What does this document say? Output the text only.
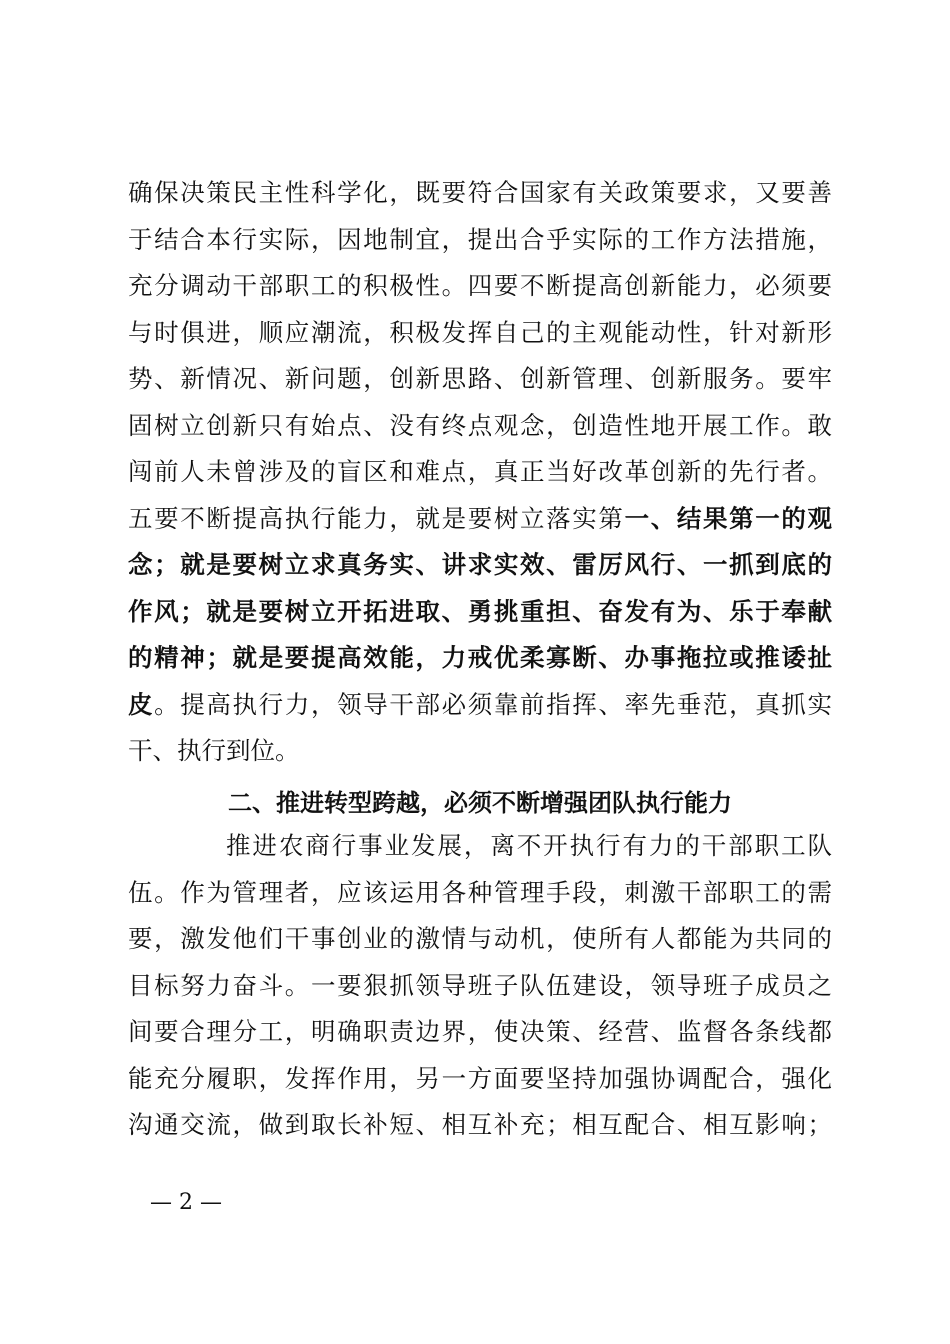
确保决策民主性科学化，既要符合国家有关政策要求，又要善
于结合本行实际，因地制宜，提出合乎实际的工作方法措施，
充分调动干部职工的积极性。四要不断提高创新能力，必须要
与时俱进，顺应潮流，积极发挥自己的主观能动性，针对新形
势、新情况、新问题，创新思路、创新管理、创新服务。要牢
固树立创新只有始点、没有终点观念，创造性地开展工作。敢
闯前人未曾涉及的盲区和难点，真正当好改革创新的先行者。
五要不断提高执行能力，就是要树立落实第一、结果第一的观
念；就是要树立求真务实、讲求实效、雷厉风行、一抓到底的
作风；就是要树立开拓进取、勇挑重担、奋发有为、乐于奉献
的精神；就是要提高效能，力戒优柔寡断、办事拖拉或推诿扯
皮。提高执行力，领导干部必须靠前指挥、率先垂范，真抓实
干、执行到位。
二、推进转型跨越，必须不断增强团队执行能力
推进农商行事业发展，离不开执行有力的干部职工队
伍。作为管理者，应该运用各种管理手段，刺激干部职工的需
要，激发他们干事创业的激情与动机，使所有人都能为共同的
目标努力奋斗。一要狠抓领导班子队伍建设，领导班子成员之
间要合理分工，明确职责边界，使决策、经营、监督各条线都
能充分履职，发挥作用，另一方面要坚持加强协调配合，强化
沟通交流，做到取长补短、相互补充；相互配合、相互影响；
— 2 —
